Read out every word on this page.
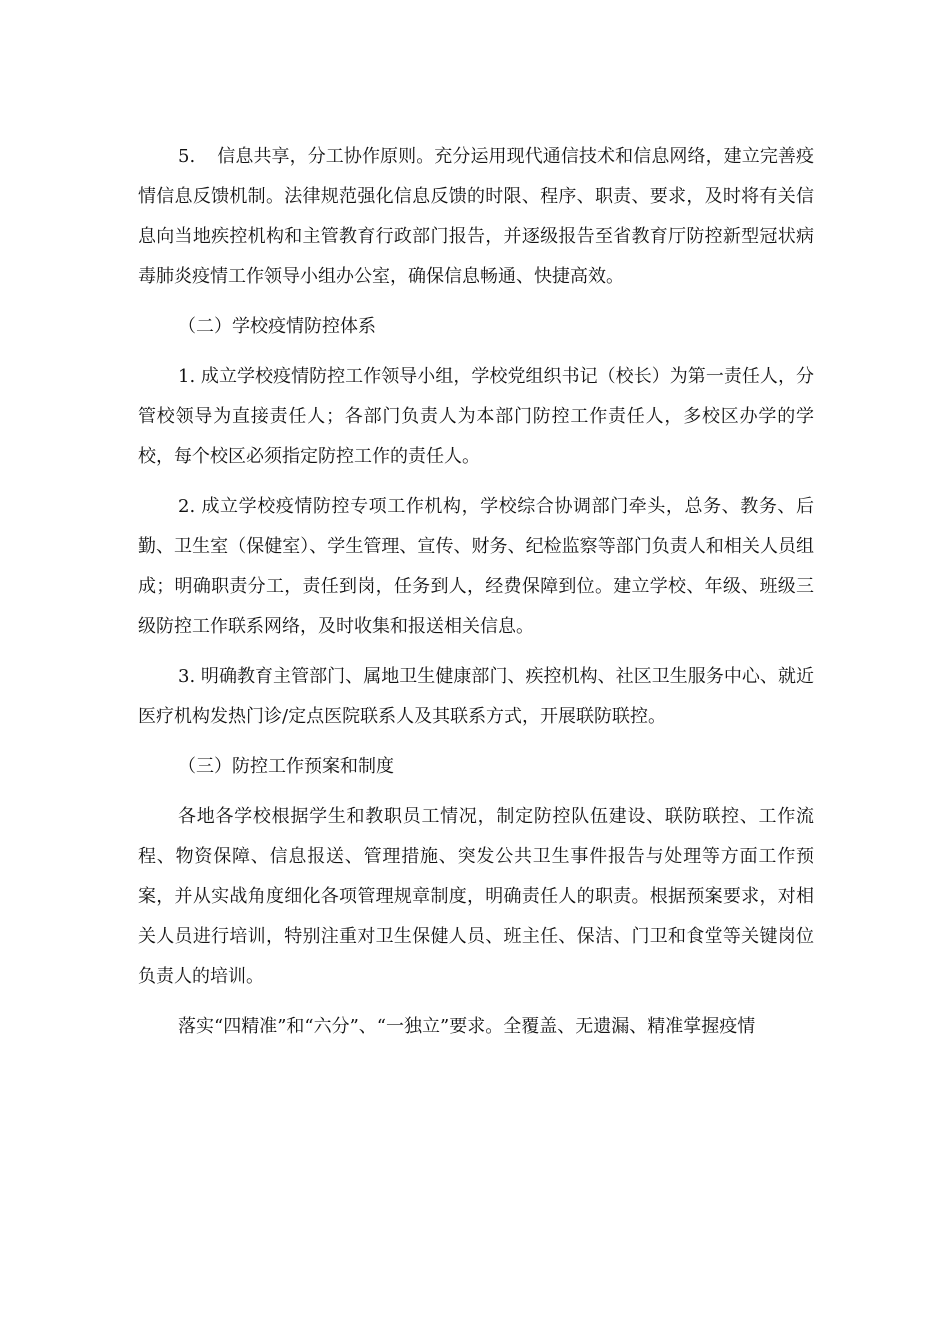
5. 信息共享，分工协作原则。充分运用现代通信技术和信息网络，建立完善疫情信息反馈机制。法律规范强化信息反馈的时限、程序、职责、要求，及时将有关信息向当地疾控机构和主管教育行政部门报告，并逐级报告至省教育厅防控新型冠状病毒肺炎疫情工作领导小组办公室，确保信息畅通、快捷高效。

（二）学校疫情防控体系

1. 成立学校疫情防控工作领导小组，学校党组织书记（校长）为第一责任人，分管校领导为直接责任人；各部门负责人为本部门防控工作责任人，多校区办学的学校，每个校区必须指定防控工作的责任人。

2. 成立学校疫情防控专项工作机构，学校综合协调部门牵头，总务、教务、后勤、卫生室（保健室）、学生管理、宣传、财务、纪检监察等部门负责人和相关人员组成；明确职责分工，责任到岗，任务到人，经费保障到位。建立学校、年级、班级三级防控工作联系网络，及时收集和报送相关信息。

3. 明确教育主管部门、属地卫生健康部门、疾控机构、社区卫生服务中心、就近医疗机构发热门诊/定点医院联系人及其联系方式，开展联防联控。

（三）防控工作预案和制度

各地各学校根据学生和教职员工情况，制定防控队伍建设、联防联控、工作流程、物资保障、信息报送、管理措施、突发公共卫生事件报告与处理等方面工作预案，并从实战角度细化各项管理规章制度，明确责任人的职责。根据预案要求，对相关人员进行培训，特别注重对卫生保健人员、班主任、保洁、门卫和食堂等关键岗位负责人的培训。

落实“四精准”和“六分”、“一独立”要求。全覆盖、无遗漏、精准掌握疫情
